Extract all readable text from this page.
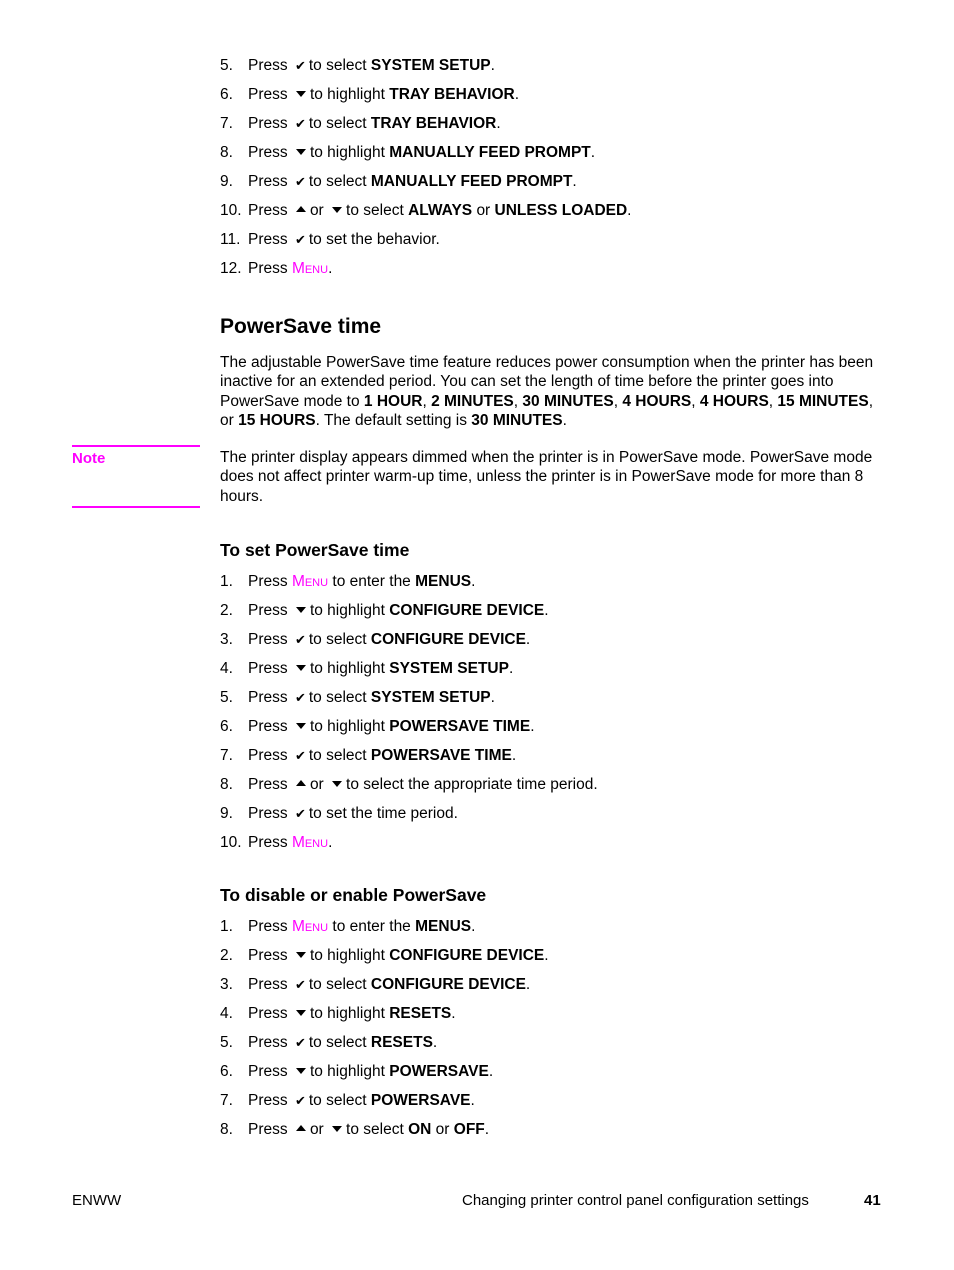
5. Press ✔ to select SYSTEM SETUP.
6. Press to highlight TRAY BEHAVIOR.
7. Press ✔ to select TRAY BEHAVIOR.
8. Press to highlight MANUALLY FEED PROMPT.
9. Press ✔ to select MANUALLY FEED PROMPT.
10. Press or to select ALWAYS or UNLESS LOADED.
11. Press ✔ to set the behavior.
12. Press Menu.
PowerSave time

The adjustable PowerSave time feature reduces power consumption when the printer has been inactive for an extended period. You can set the length of time before the printer goes into PowerSave mode to 1 HOUR, 2 MINUTES, 30 MINUTES, 4 HOURS, 4 HOURS, 15 MINUTES, or 15 HOURS. The default setting is 30 MINUTES.

Note	The printer display appears dimmed when the printer is in PowerSave mode. PowerSave mode does not affect printer warm-up time, unless the printer is in PowerSave mode for more than 8 hours.

To set PowerSave time
1. Press Menu to enter the MENUS.
2. Press to highlight CONFIGURE DEVICE.
3. Press ✔ to select CONFIGURE DEVICE.
4. Press to highlight SYSTEM SETUP.
5. Press ✔ to select SYSTEM SETUP.
6. Press to highlight POWERSAVE TIME.
7. Press ✔ to select POWERSAVE TIME.
8. Press or to select the appropriate time period.
9. Press ✔ to set the time period.
10. Press Menu.
To disable or enable PowerSave
1. Press Menu to enter the MENUS.
2. Press to highlight CONFIGURE DEVICE.
3. Press ✔ to select CONFIGURE DEVICE.
4. Press to highlight RESETS.
5. Press ✔ to select RESETS.
6. Press to highlight POWERSAVE.
7. Press ✔ to select POWERSAVE.
8. Press or to select ON or OFF.
ENWW	Changing printer control panel configuration settings	41
